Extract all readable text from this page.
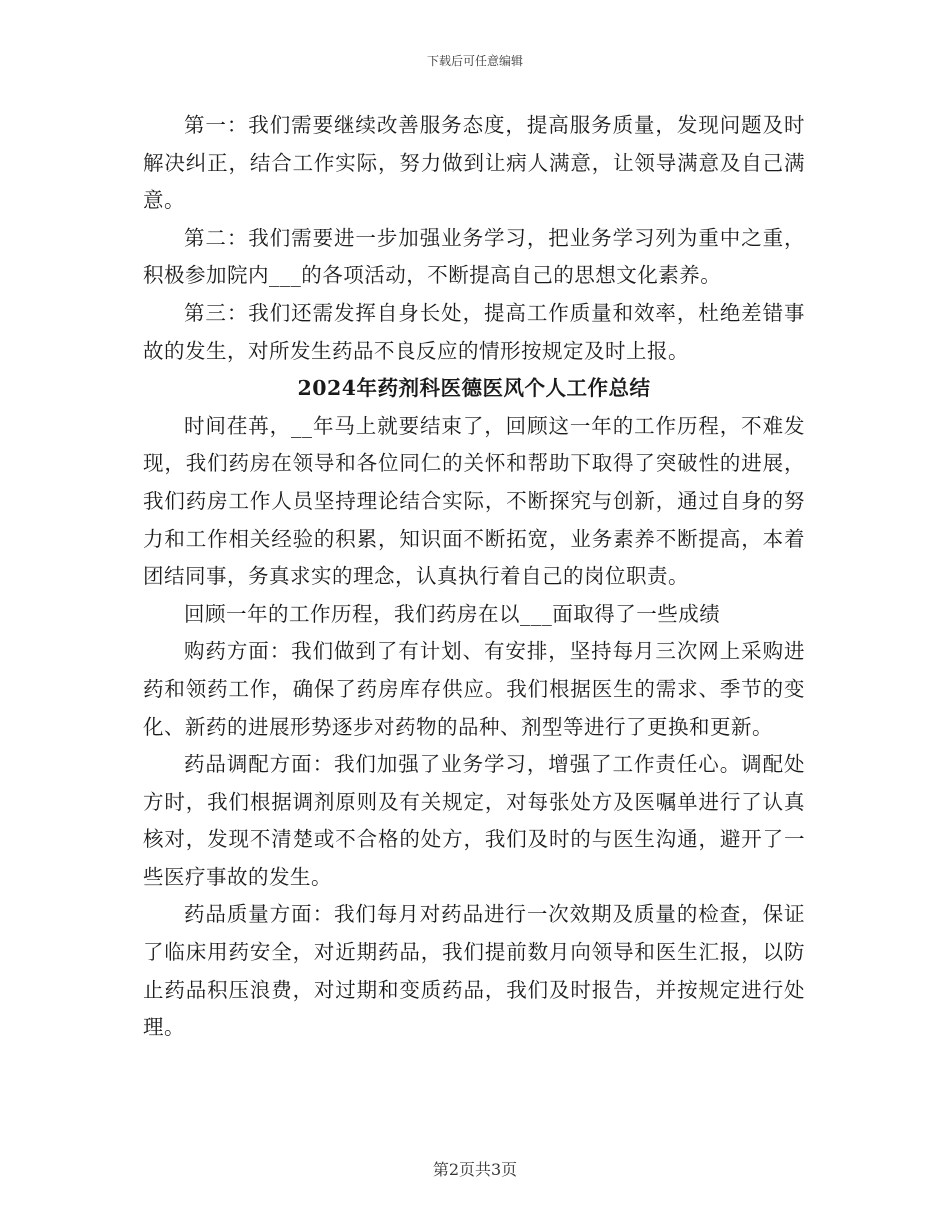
下载后可任意编辑

第一：我们需要继续改善服务态度，提高服务质量，发现问题及时解决纠正，结合工作实际，努力做到让病人满意，让领导满意及自己满意。

第二：我们需要进一步加强业务学习，把业务学习列为重中之重，积极参加院内___的各项活动，不断提高自己的思想文化素养。

第三：我们还需发挥自身长处，提高工作质量和效率，杜绝差错事故的发生，对所发生药品不良反应的情形按规定及时上报。

2024年药剂科医德医风个人工作总结

时间荏苒，__年马上就要结束了，回顾这一年的工作历程，不难发现，我们药房在领导和各位同仁的关怀和帮助下取得了突破性的进展，我们药房工作人员坚持理论结合实际，不断探究与创新，通过自身的努力和工作相关经验的积累，知识面不断拓宽，业务素养不断提高，本着团结同事，务真求实的理念，认真执行着自己的岗位职责。

回顾一年的工作历程，我们药房在以___面取得了一些成绩

购药方面：我们做到了有计划、有安排，坚持每月三次网上采购进药和领药工作，确保了药房库存供应。我们根据医生的需求、季节的变化、新药的进展形势逐步对药物的品种、剂型等进行了更换和更新。

药品调配方面：我们加强了业务学习，增强了工作责任心。调配处方时，我们根据调剂原则及有关规定，对每张处方及医嘱单进行了认真核对，发现不清楚或不合格的处方，我们及时的与医生沟通，避开了一些医疗事故的发生。

药品质量方面：我们每月对药品进行一次效期及质量的检查，保证了临床用药安全，对近期药品，我们提前数月向领导和医生汇报，以防止药品积压浪费，对过期和变质药品，我们及时报告，并按规定进行处理。

第2页共3页
